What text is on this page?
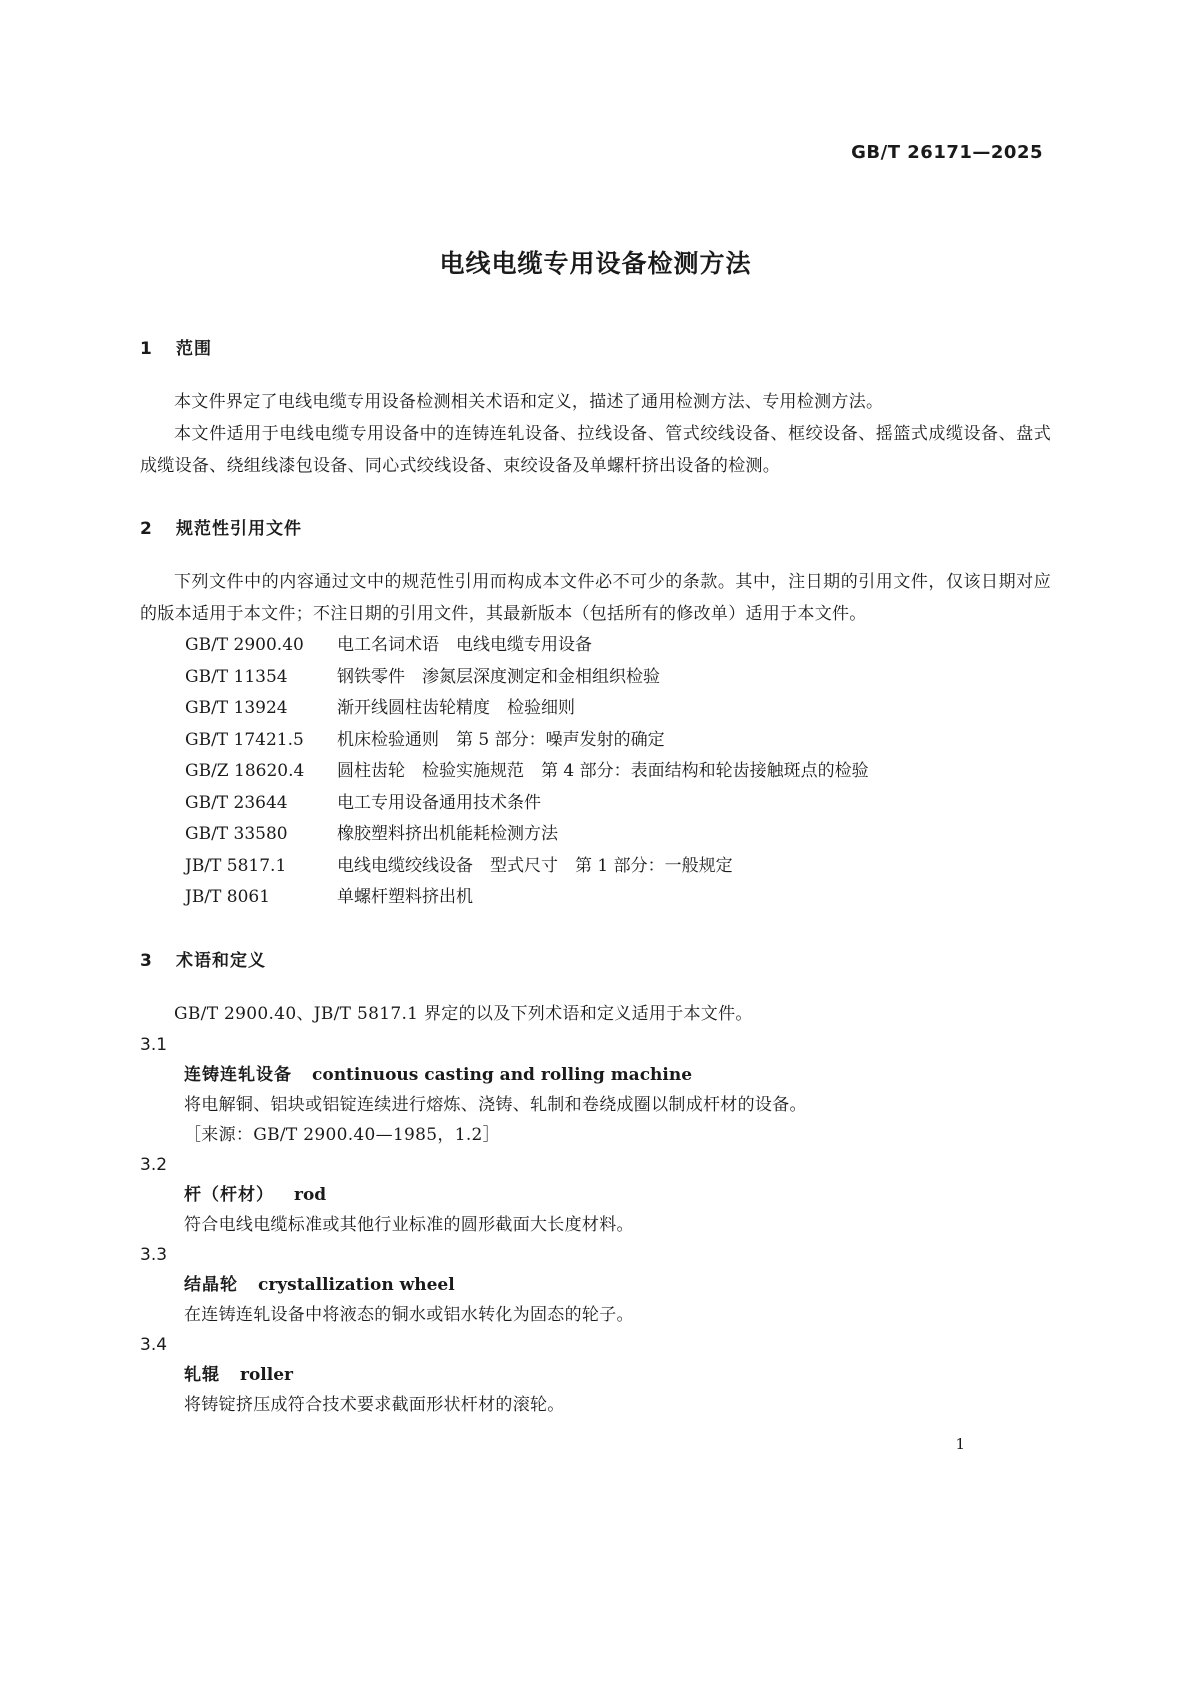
GB/T 26171—2025
电线电缆专用设备检测方法
1 范围

本文件界定了电线电缆专用设备检测相关术语和定义，描述了通用检测方法、专用检测方法。

本文件适用于电线电缆专用设备中的连铸连轧设备、拉线设备、管式绞线设备、框绞设备、摇篮式成缆设备、盘式成缆设备、绕组线漆包设备、同心式绞线设备、束绞设备及单螺杆挤出设备的检测。

2 规范性引用文件

下列文件中的内容通过文中的规范性引用而构成本文件必不可少的条款。其中，注日期的引用文件，仅该日期对应的版本适用于本文件；不注日期的引用文件，其最新版本（包括所有的修改单）适用于本文件。

GB/T 2900.40	电工名词术语　电线电缆专用设备
GB/T 11354	钢铁零件　渗氮层深度测定和金相组织检验
GB/T 13924	渐开线圆柱齿轮精度　检验细则
GB/T 17421.5	机床检验通则　第 5 部分：噪声发射的确定
GB/Z 18620.4	圆柱齿轮　检验实施规范　第 4 部分：表面结构和轮齿接触斑点的检验
GB/T 23644	电工专用设备通用技术条件
GB/T 33580	橡胶塑料挤出机能耗检测方法
JB/T 5817.1	电线电缆绞线设备　型式尺寸　第 1 部分：一般规定
JB/T 8061	单螺杆塑料挤出机
3 术语和定义

GB/T 2900.40、JB/T 5817.1 界定的以及下列术语和定义适用于本文件。

3.1
连铸连轧设备 continuous casting and rolling machine
将电解铜、铝块或铝锭连续进行熔炼、浇铸、轧制和卷绕成圈以制成杆材的设备。
［来源：GB/T 2900.40—1985，1.2］
3.2
杆（杆材） rod
符合电线电缆标准或其他行业标准的圆形截面大长度材料。
3.3
结晶轮 crystallization wheel
在连铸连轧设备中将液态的铜水或铝水转化为固态的轮子。
3.4
轧辊 roller
将铸锭挤压成符合技术要求截面形状杆材的滚轮。
1
